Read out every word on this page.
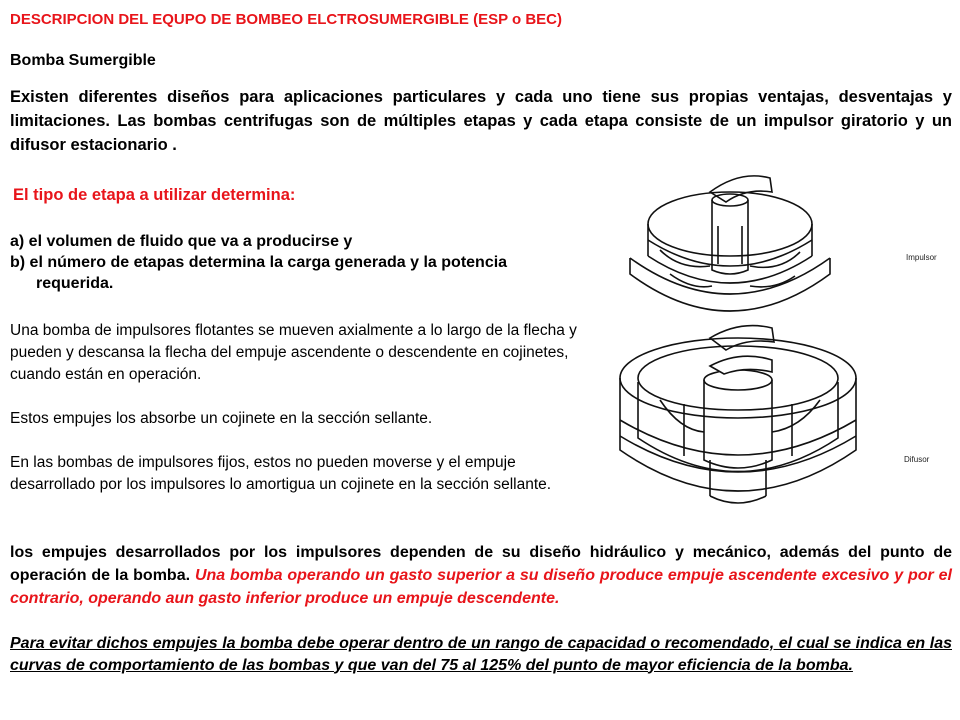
DESCRIPCION DEL EQUPO DE BOMBEO ELCTROSUMERGIBLE (ESP o BEC)
Bomba Sumergible
Existen diferentes diseños para aplicaciones particulares y cada uno tiene sus propias ventajas, desventajas y limitaciones. Las bombas centrifugas son de múltiples etapas y cada etapa consiste de un impulsor giratorio y un difusor estacionario .
El tipo de etapa a utilizar determina:
a) el volumen de fluido que va a producirse y
b) el número de etapas determina la carga generada y la potencia
requerida.
Una bomba de impulsores flotantes se mueven axialmente a lo largo de la flecha y pueden y descansa la flecha del empuje ascendente o descendente en cojinetes, cuando están en operación.
Estos empujes los absorbe un cojinete en la sección sellante.
En las bombas de impulsores fijos, estos no pueden moverse y el empuje desarrollado por los impulsores lo amortigua un cojinete en la sección sellante.
los empujes desarrollados por los impulsores dependen de su diseño hidráulico y mecánico, además del punto de operación de la bomba. Una bomba operando un gasto superior a su diseño produce empuje ascendente excesivo y por el contrario, operando aun gasto inferior produce un empuje descendente.
Para evitar dichos empujes la bomba debe operar dentro de un rango de capacidad o recomendado, el cual se indica en las curvas de comportamiento de las bombas y que van del 75 al 125% del punto de mayor eficiencia de la bomba.
Impulsor
Difusor
